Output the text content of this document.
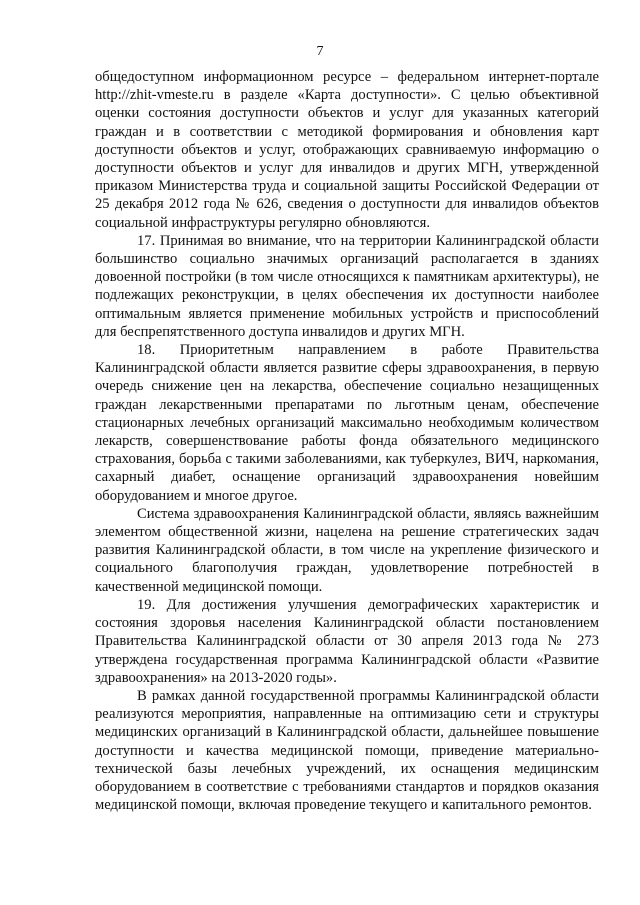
7

общедоступном информационном ресурсе – федеральном интернет-портале http://zhit-vmeste.ru в разделе «Карта доступности». С целью объективной оценки состояния доступности объектов и услуг для указанных категорий граждан и в соответствии с методикой формирования и обновления карт доступности объектов и услуг, отображающих сравниваемую информацию о доступности объектов и услуг для инвалидов и других МГН, утвержденной приказом Министерства труда и социальной защиты Российской Федерации от 25 декабря 2012 года № 626, сведения о доступности для инвалидов объектов социальной инфраструктуры регулярно обновляются.

17. Принимая во внимание, что на территории Калининградской области большинство социально значимых организаций располагается в зданиях довоенной постройки (в том числе относящихся к памятникам архитектуры), не подлежащих реконструкции, в целях обеспечения их доступности наиболее оптимальным является применение мобильных устройств и приспособлений для беспрепятственного доступа инвалидов и других МГН.

18. Приоритетным направлением в работе Правительства Калининградской области является развитие сферы здравоохранения, в первую очередь снижение цен на лекарства, обеспечение социально незащищенных граждан лекарственными препаратами по льготным ценам, обеспечение стационарных лечебных организаций максимально необходимым количеством лекарств, совершенствование работы фонда обязательного медицинского страхования, борьба с такими заболеваниями, как туберкулез, ВИЧ, наркомания, сахарный диабет, оснащение организаций здравоохранения новейшим оборудованием и многое другое.

Система здравоохранения Калининградской области, являясь важнейшим элементом общественной жизни, нацелена на решение стратегических задач развития Калининградской области, в том числе на укрепление физического и социального благополучия граждан, удовлетворение потребностей в качественной медицинской помощи.

19. Для достижения улучшения демографических характеристик и состояния здоровья населения Калининградской области постановлением Правительства Калининградской области от 30 апреля 2013 года № 273 утверждена государственная программа Калининградской области «Развитие здравоохранения» на 2013-2020 годы».

В рамках данной государственной программы Калининградской области реализуются мероприятия, направленные на оптимизацию сети и структуры медицинских организаций в Калининградской области, дальнейшее повышение доступности и качества медицинской помощи, приведение материально-технической базы лечебных учреждений, их оснащения медицинским оборудованием в соответствие с требованиями стандартов и порядков оказания медицинской помощи, включая проведение текущего и капитального ремонтов.
